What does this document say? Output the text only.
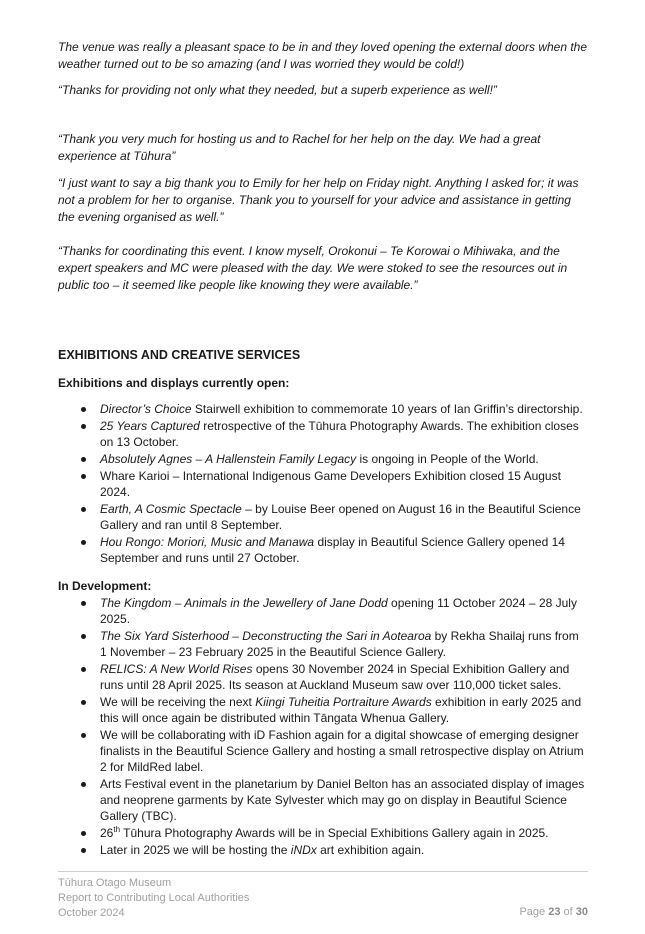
The venue was really a pleasant space to be in and they loved opening the external doors when the weather turned out to be so amazing (and I was worried they would be cold!)

“Thanks for providing not only what they needed, but a superb experience as well!”

“Thank you very much for hosting us and to Rachel for her help on the day. We had a great experience at Tūhura”

“I just want to say a big thank you to Emily for her help on Friday night. Anything I asked for; it was not a problem for her to organise. Thank you to yourself for your advice and assistance in getting the evening organised as well.”

“Thanks for coordinating this event. I know myself, Orokonui – Te Korowai o Mihiwaka, and the expert speakers and MC were pleased with the day. We were stoked to see the resources out in public too – it seemed like people like knowing they were available.”

EXHIBITIONS AND CREATIVE SERVICES
Exhibitions and displays currently open:
Director’s Choice Stairwell exhibition to commemorate 10 years of Ian Griffin’s directorship.
25 Years Captured retrospective of the Tūhura Photography Awards. The exhibition closes on 13 October.
Absolutely Agnes – A Hallenstein Family Legacy is ongoing in People of the World.
Whare Karioi – International Indigenous Game Developers Exhibition closed 15 August 2024.
Earth, A Cosmic Spectacle – by Louise Beer opened on August 16 in the Beautiful Science Gallery and ran until 8 September.
Hou Rongo: Moriori, Music and Manawa display in Beautiful Science Gallery opened 14 September and runs until 27 October.
In Development:
The Kingdom – Animals in the Jewellery of Jane Dodd opening 11 October 2024 – 28 July 2025.
The Six Yard Sisterhood – Deconstructing the Sari in Aotearoa by Rekha Shailaj runs from 1 November – 23 February 2025 in the Beautiful Science Gallery.
RELICS: A New World Rises opens 30 November 2024 in Special Exhibition Gallery and runs until 28 April 2025. Its season at Auckland Museum saw over 110,000 ticket sales.
We will be receiving the next Kiingi Tuheitia Portraiture Awards exhibition in early 2025 and this will once again be distributed within Tāngata Whenua Gallery.
We will be collaborating with iD Fashion again for a digital showcase of emerging designer finalists in the Beautiful Science Gallery and hosting a small retrospective display on Atrium 2 for MildRed label.
Arts Festival event in the planetarium by Daniel Belton has an associated display of images and neoprene garments by Kate Sylvester which may go on display in Beautiful Science Gallery (TBC).
26th Tūhura Photography Awards will be in Special Exhibitions Gallery again in 2025.
Later in 2025 we will be hosting the iNDx art exhibition again.
Tūhura Otago Museum
Report to Contributing Local Authorities
October 2024	Page 23 of 30
